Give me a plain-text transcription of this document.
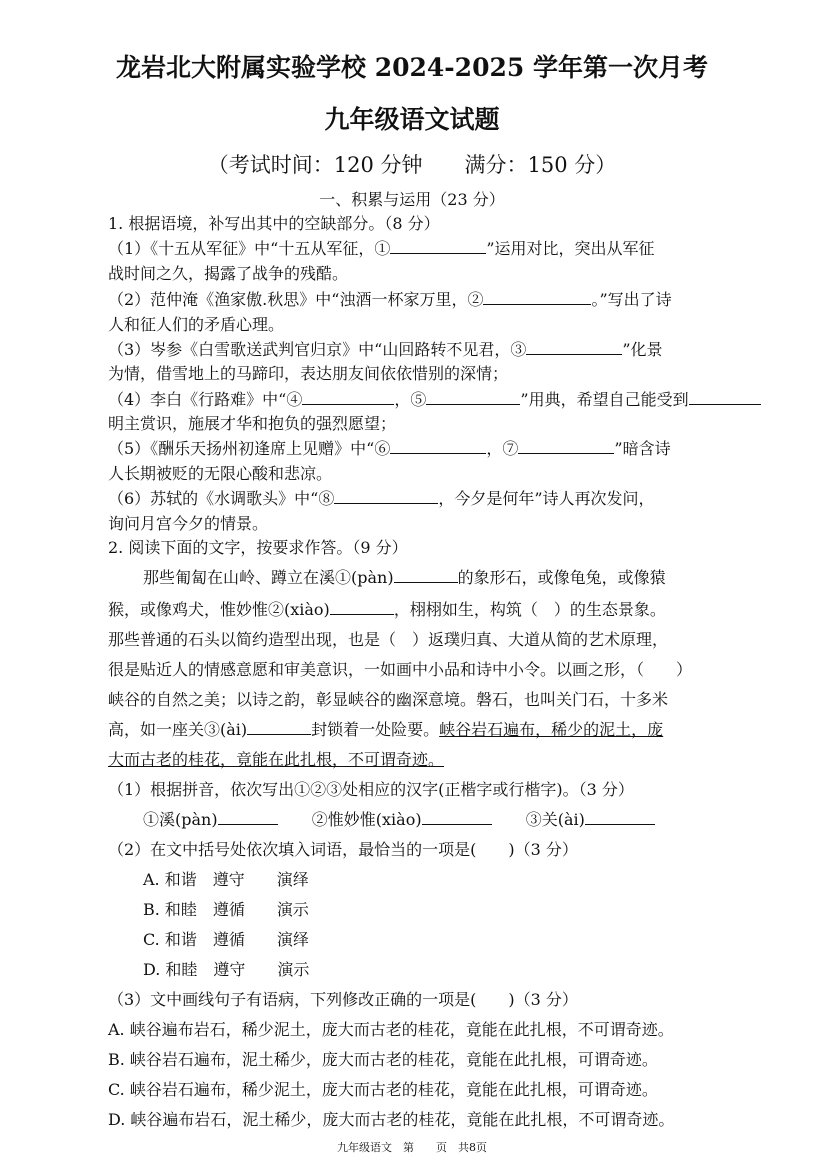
龙岩北大附属实验学校 2024-2025 学年第一次月考
九年级语文试题
（考试时间：120 分钟　　满分：150 分）
一、积累与运用（23 分）
1. 根据语境，补写出其中的空缺部分。（8 分）
（1）《十五从军征》中“十五从军征，①	”运用对比，突出从军征
战时间之久，揭露了战争的残酷。
（2）范仲淹《渔家傲.秋思》中“浊酒一杯家万里，②	。”写出了诗
人和征人们的矛盾心理。
（3）岑参《白雪歌送武判官归京》中“山回路转不见君，③	”化景
为情，借雪地上的马蹄印，表达朋友间依依惜别的深情；
（4）李白《行路难》中“④	，⑤	”用典，希望自己能受到
明主赏识，施展才华和抱负的强烈愿望；
（5）《酬乐天扬州初逢席上见赠》中“⑥	，⑦	”暗含诗
人长期被贬的无限心酸和悲凉。
（6）苏轼的《水调歌头》中“⑧	，今夕是何年”诗人再次发问，
询问月宫今夕的情景。
2. 阅读下面的文字，按要求作答。（9 分）
那些匍匐在山岭、蹲立在溪①(pàn)	的象形石，或像龟兔，或像猿
猴，或像鸡犬，惟妙惟②(xiào)	，栩栩如生，构筑（　）的生态景象。
那些普通的石头以简约造型出现，也是（　）返璞归真、大道从简的艺术原理，
很是贴近人的情感意愿和审美意识，一如画中小品和诗中小令。以画之形，（　　）
峡谷的自然之美；以诗之韵，彰显峡谷的幽深意境。磐石，也叫关门石，十多米
高，如一座关③(ài)	封锁着一处险要。峡谷岩石遍布，稀少的泥土，庞
大而古老的桂花，竟能在此扎根，不可谓奇迹。
（1）根据拼音，依次写出①②③处相应的汉字(正楷字或行楷字)。（3 分）
①溪(pàn)	②惟妙惟(xiào)	③关(ài)
（2）在文中括号处依次填入词语，最恰当的一项是(　　)（3 分）
A. 和谐　遵守　　演绎
B. 和睦　遵循　　演示
C. 和谐　遵循　　演绎
D. 和睦　遵守　　演示
（3）文中画线句子有语病，下列修改正确的一项是(　　)（3 分）
A. 峡谷遍布岩石，稀少泥土，庞大而古老的桂花，竟能在此扎根，不可谓奇迹。
B. 峡谷岩石遍布，泥土稀少，庞大而古老的桂花，竟能在此扎根，可谓奇迹。
C. 峡谷岩石遍布，稀少泥土，庞大而古老的桂花，竟能在此扎根，可谓奇迹。
D. 峡谷遍布岩石，泥土稀少，庞大而古老的桂花，竟能在此扎根，不可谓奇迹。
九年级语文　第　　页　共8页
